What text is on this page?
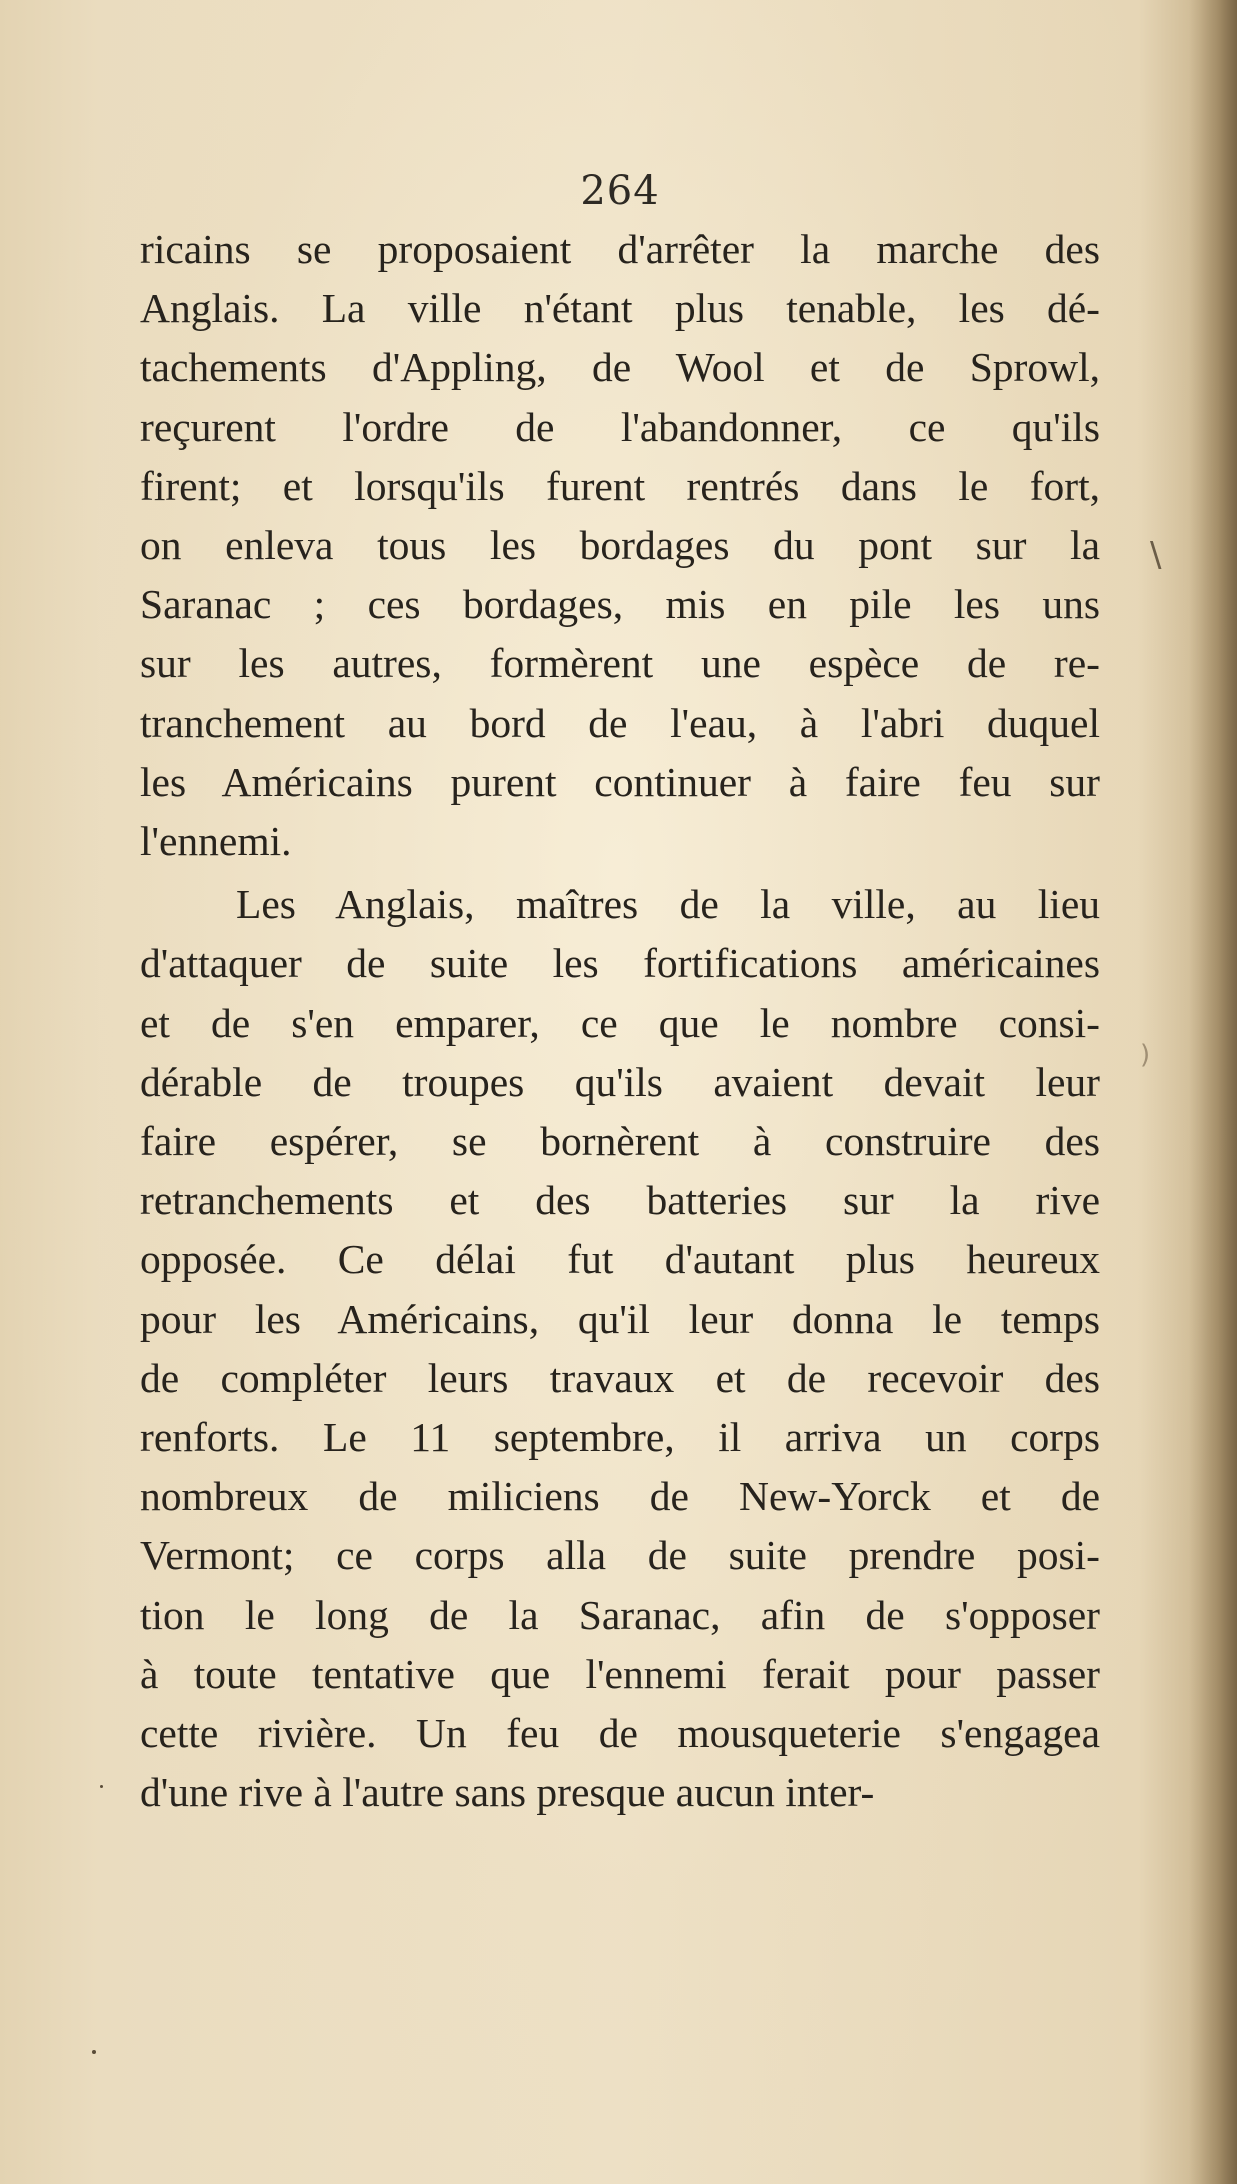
264
ricains se proposaient d'arrêter la marche des
Anglais. La ville n'étant plus tenable, les dé-
tachements d'Appling, de Wool et de Sprowl,
reçurent l'ordre de l'abandonner, ce qu'ils
firent; et lorsqu'ils furent rentrés dans le fort,
on enleva tous les bordages du pont sur la
Saranac ; ces bordages, mis en pile les uns
sur les autres, formèrent une espèce de re-
tranchement au bord de l'eau, à l'abri duquel
les Américains purent continuer à faire feu sur
l'ennemi.
Les Anglais, maîtres de la ville, au lieu
d'attaquer de suite les fortifications américaines
et de s'en emparer, ce que le nombre consi-
dérable de troupes qu'ils avaient devait leur
faire espérer, se bornèrent à construire des
retranchements et des batteries sur la rive
opposée. Ce délai fut d'autant plus heureux
pour les Américains, qu'il leur donna le temps
de compléter leurs travaux et de recevoir des
renforts. Le 11 septembre, il arriva un corps
nombreux de miliciens de New-Yorck et de
Vermont; ce corps alla de suite prendre posi-
tion le long de la Saranac, afin de s'opposer
à toute tentative que l'ennemi ferait pour passer
cette rivière. Un feu de mousqueterie s'engagea
d'une rive à l'autre sans presque aucun inter-
\
)
